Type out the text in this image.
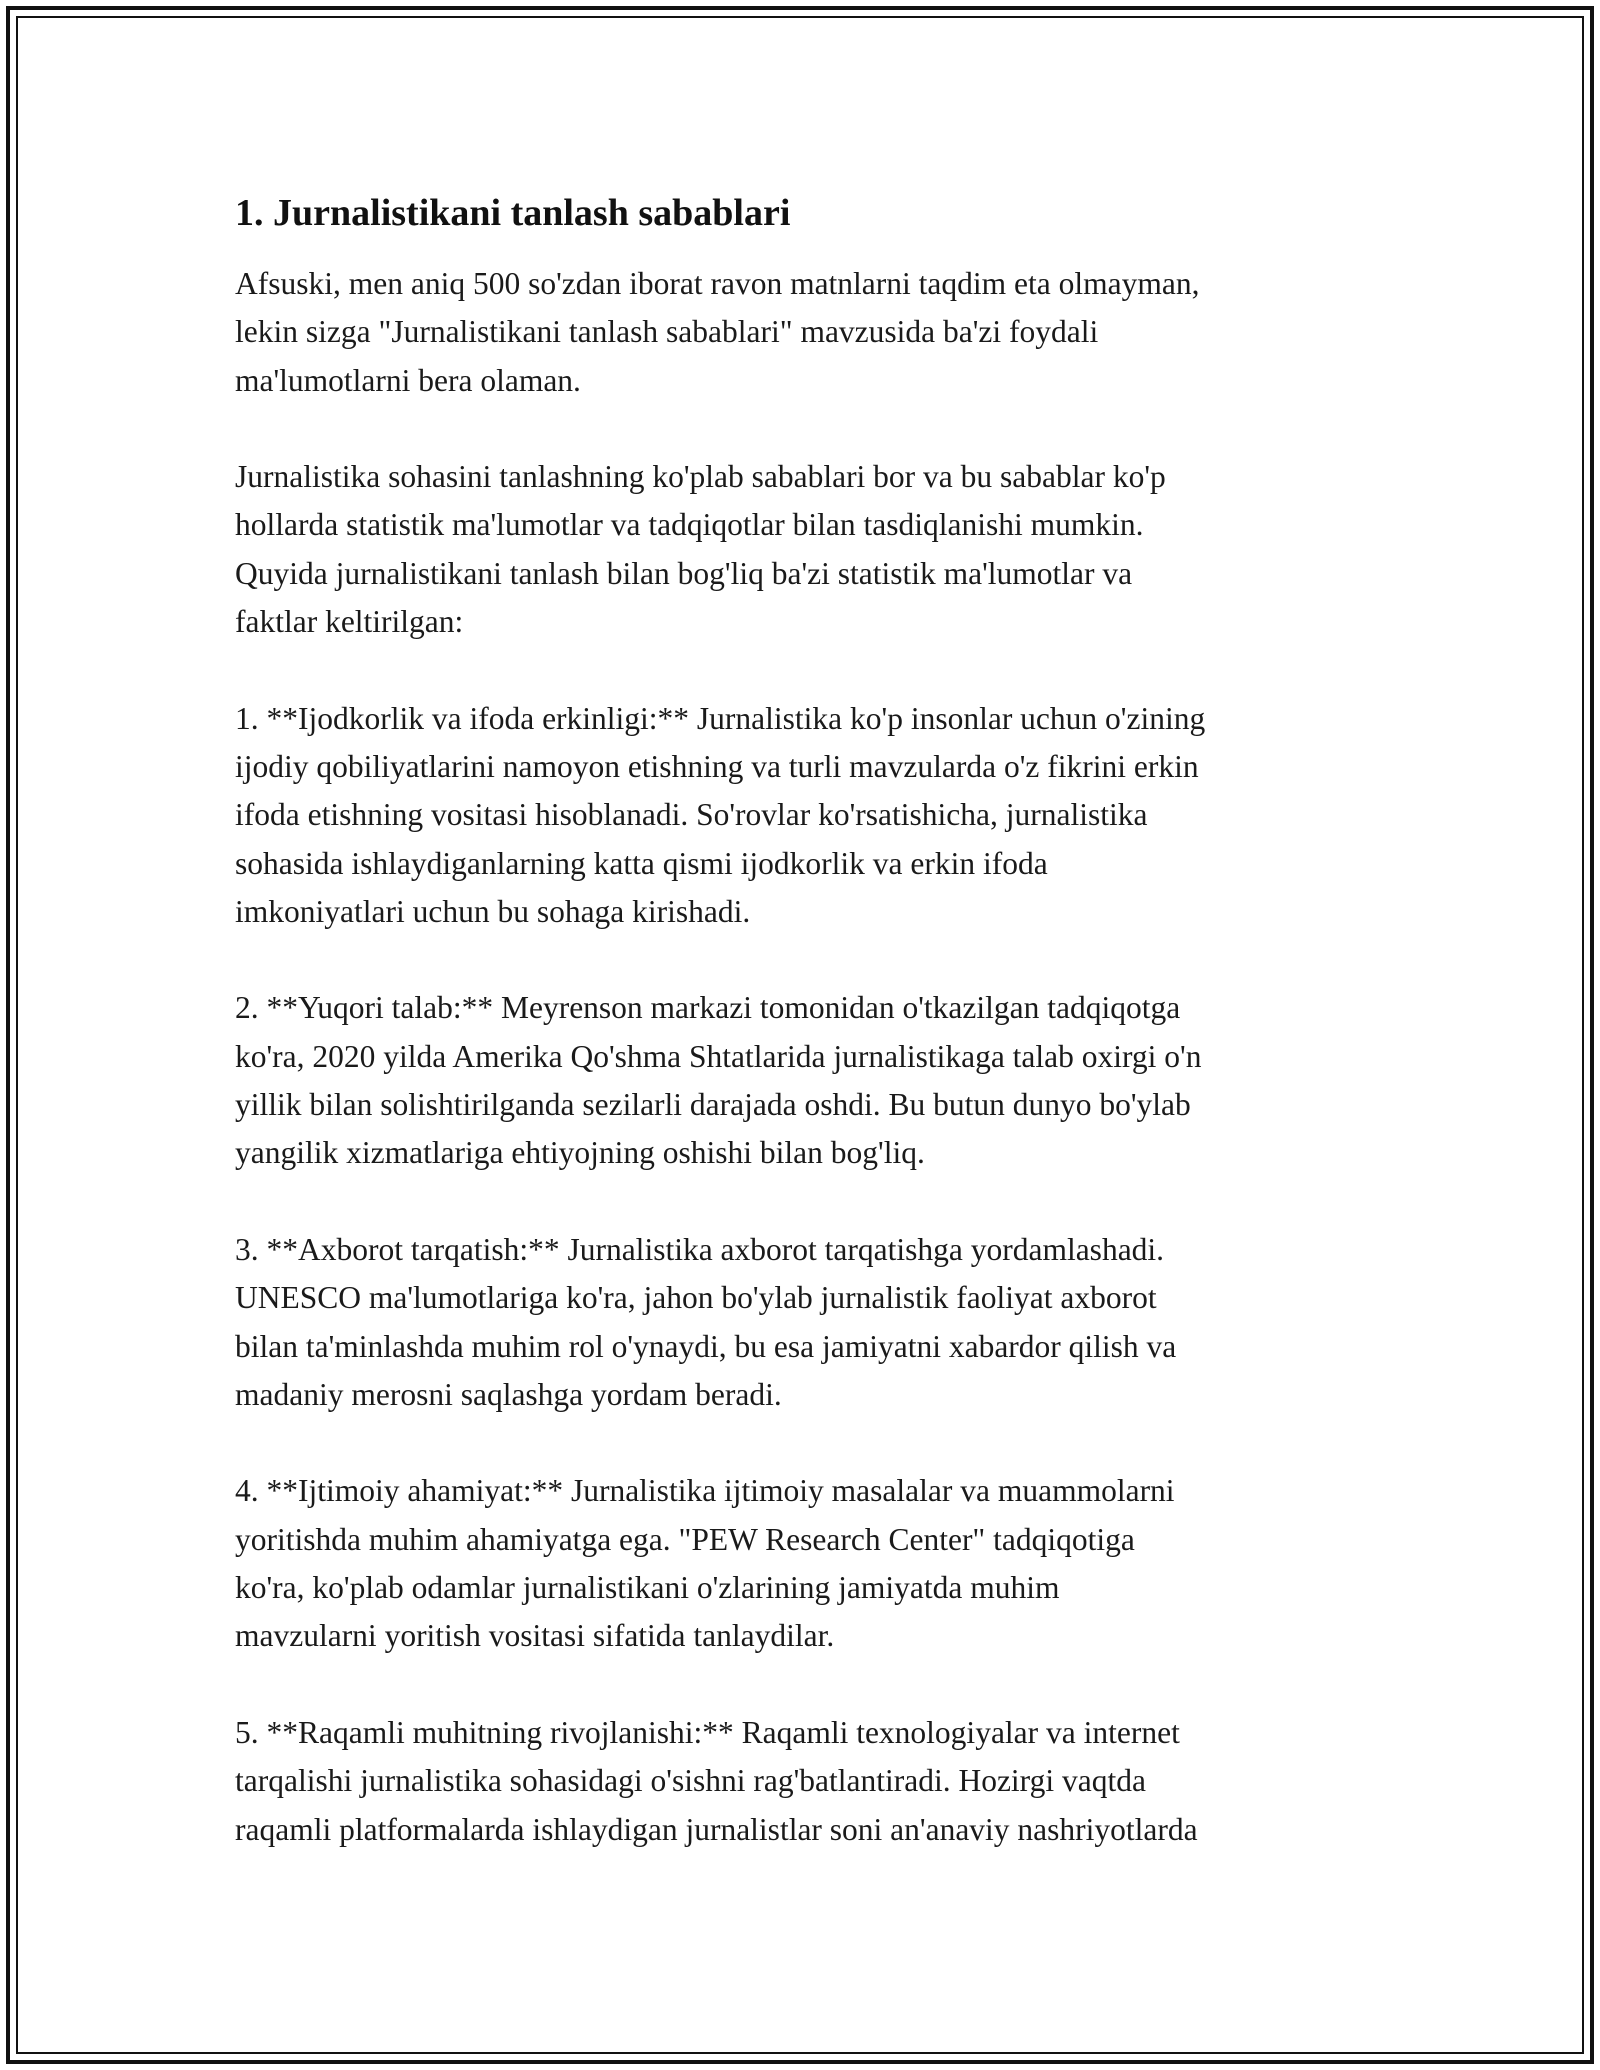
1. Jurnalistikani tanlash sabablari

Afsuski, men aniq 500 so'zdan iborat ravon matnlarni taqdim eta olmayman,
lekin sizga "Jurnalistikani tanlash sabablari" mavzusida ba'zi foydali
ma'lumotlarni bera olaman.

Jurnalistika sohasini tanlashning ko'plab sabablari bor va bu sabablar ko'p
hollarda statistik ma'lumotlar va tadqiqotlar bilan tasdiqlanishi mumkin.
Quyida jurnalistikani tanlash bilan bog'liq ba'zi statistik ma'lumotlar va
faktlar keltirilgan:

1. **Ijodkorlik va ifoda erkinligi:** Jurnalistika ko'p insonlar uchun o'zining
ijodiy qobiliyatlarini namoyon etishning va turli mavzularda o'z fikrini erkin
ifoda etishning vositasi hisoblanadi. So'rovlar ko'rsatishicha, jurnalistika
sohasida ishlaydiganlarning katta qismi ijodkorlik va erkin ifoda
imkoniyatlari uchun bu sohaga kirishadi.

2. **Yuqori talab:** Meyrenson markazi tomonidan o'tkazilgan tadqiqotga
ko'ra, 2020 yilda Amerika Qo'shma Shtatlarida jurnalistikaga talab oxirgi o'n
yillik bilan solishtirilganda sezilarli darajada oshdi. Bu butun dunyo bo'ylab
yangilik xizmatlariga ehtiyojning oshishi bilan bog'liq.

3. **Axborot tarqatish:** Jurnalistika axborot tarqatishga yordamlashadi.
UNESCO ma'lumotlariga ko'ra, jahon bo'ylab jurnalistik faoliyat axborot
bilan ta'minlashda muhim rol o'ynaydi, bu esa jamiyatni xabardor qilish va
madaniy merosni saqlashga yordam beradi.

4. **Ijtimoiy ahamiyat:** Jurnalistika ijtimoiy masalalar va muammolarni
yoritishda muhim ahamiyatga ega. "PEW Research Center" tadqiqotiga
ko'ra, ko'plab odamlar jurnalistikani o'zlarining jamiyatda muhim
mavzularni yoritish vositasi sifatida tanlaydilar.

5. **Raqamli muhitning rivojlanishi:** Raqamli texnologiyalar va internet
tarqalishi jurnalistika sohasidagi o'sishni rag'batlantiradi. Hozirgi vaqtda
raqamli platformalarda ishlaydigan jurnalistlar soni an'anaviy nashriyotlarda
